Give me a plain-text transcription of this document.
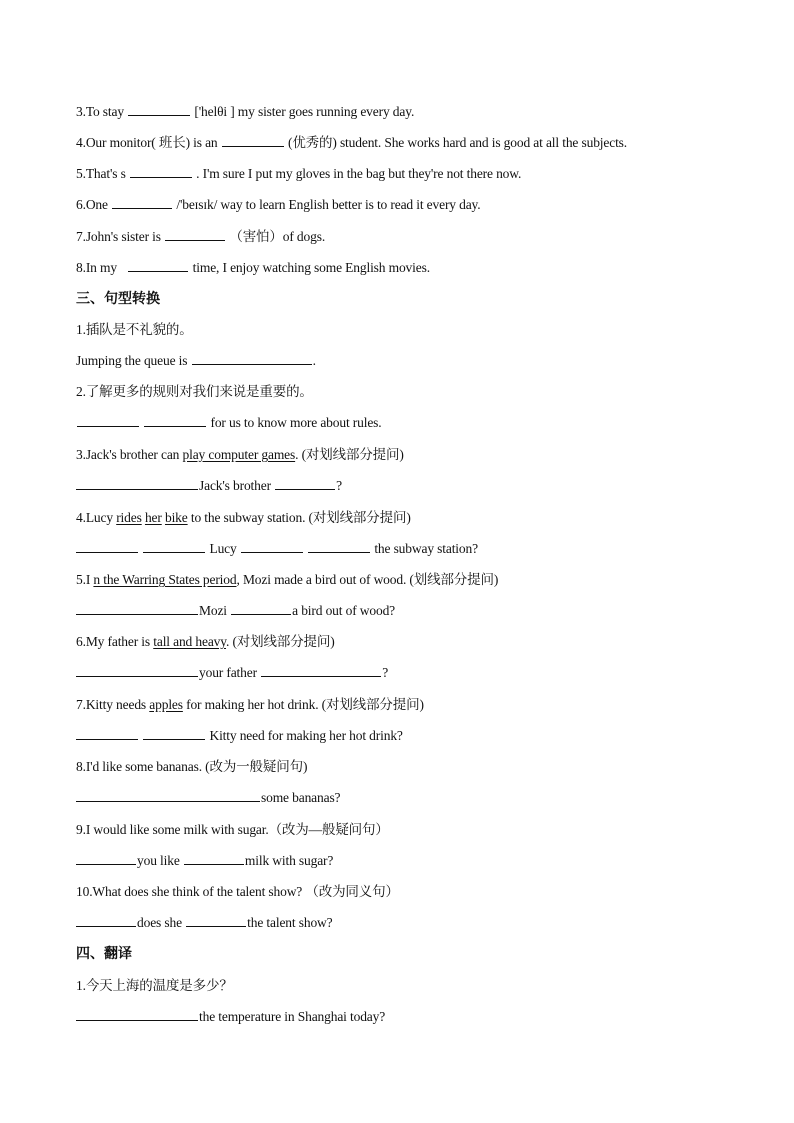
3.To stay	['helθi ] my sister goes running every day.
4.Our monitor( 班长) is an	(优秀的) student. She works hard and is good at all the subjects.
5.That's s	. I'm sure I put my gloves in the bag but they're not there now.
6.One	/'beɪsɪk/ way to learn English better is to read it every day.
7.John's sister is	（害怕）of dogs.
8.In my	time, I enjoy watching some English movies.
三、句型转换
1.插队是不礼貌的。
Jumping the queue is	.
2.了解更多的规则对我们来说是重要的。
for us to know more about rules.
3.Jack's brother can play computer games. (对划线部分提问)
Jack's brother	?
4.Lucy rides her bike to the subway station. (对划线部分提问)
Lucy	the subway station?
5.I n the Warring States period, Mozi made a bird out of wood. (划线部分提问)
Mozi	a bird out of wood?
6.My father is tall and heavy. (对划线部分提问)
your father	?
7.Kitty needs apples for making her hot drink. (对划线部分提问)
Kitty need for making her hot drink?
8.I'd like some bananas. (改为一般疑问句)
some bananas?
9.I would like some milk with sugar.（改为—般疑问句）
you like	milk with sugar?
10.What does she think of the talent show? （改为同义句）
does she	the talent show?
四、翻译
1.今天上海的温度是多少？
the temperature in Shanghai today?
